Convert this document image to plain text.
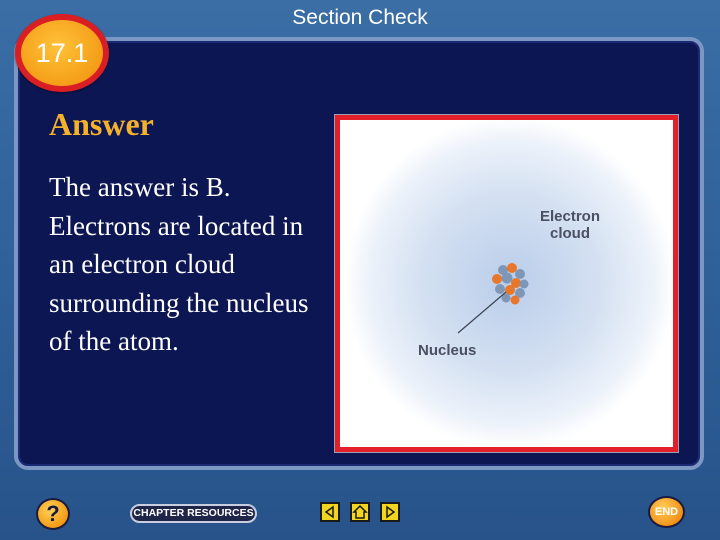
Section Check
17.1
Answer

The answer is B. Electrons are located in an electron cloud surrounding the nucleus of the atom.

Electron
cloud
Nucleus
?	CHAPTER RESOURCES	END
